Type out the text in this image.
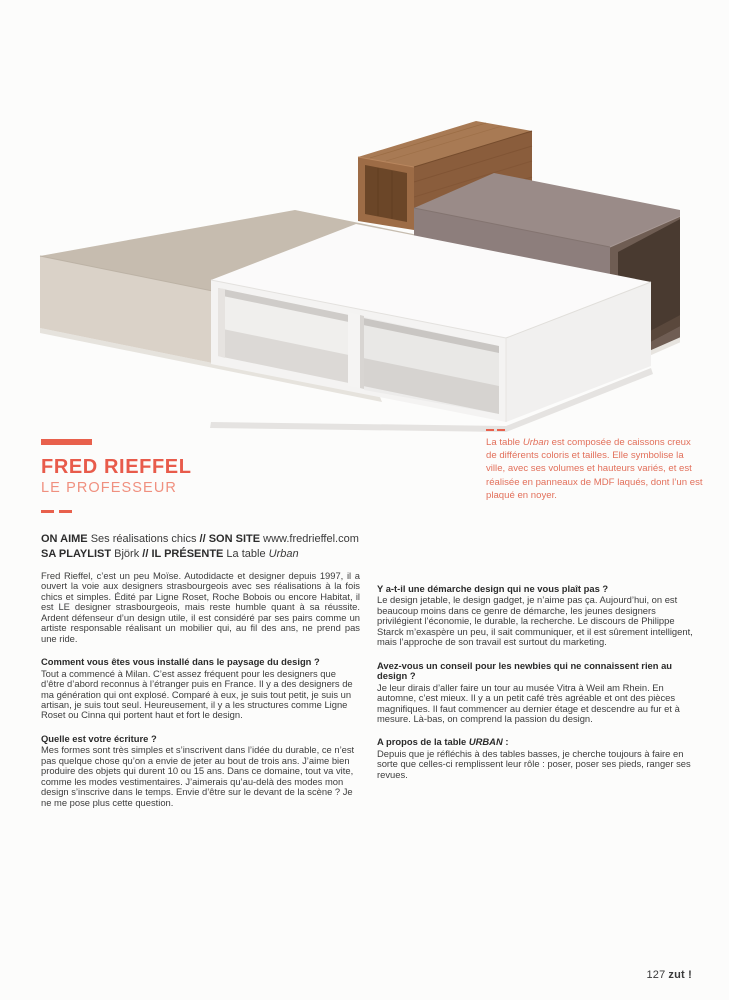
La table Urban est composée de caissons creux de différents coloris et tailles. Elle symbolise la ville, avec ses volumes et hauteurs variés, et est réalisée en panneaux de MDF laqués, dont l’un est plaqué en noyer.

FRED RIEFFEL
LE PROFESSEUR
ON AIME Ses réalisations chics // SON SITE www.fredrieffel.com
SA PLAYLIST Björk // IL PRÉSENTE La table Urban

Fred Rieffel, c’est un peu Moïse. Autodidacte et designer depuis 1997, il a ouvert la voie aux designers strasbourgeois avec ses réalisations à la fois chics et simples. Édité par Ligne Roset, Roche Bobois ou encore Habitat, il est LE designer strasbourgeois, mais reste humble quant à sa réussite. Ardent défenseur d’un design utile, il est considéré par ses pairs comme un artiste responsable réalisant un mobilier qui, au fil des ans, ne prend pas une ride.

Comment vous êtes vous installé dans le paysage du design ?

Tout a commencé à Milan. C’est assez fréquent pour les designers que d’être d’abord reconnus à l’étranger puis en France. Il y a des designers de ma génération qui ont explosé. Comparé à eux, je suis tout petit, je suis un artisan, je suis tout seul. Heureusement, il y a les structures comme Ligne Roset ou Cinna qui portent haut et fort le design.

Quelle est votre écriture ?

Mes formes sont très simples et s’inscrivent dans l’idée du durable, ce n’est pas quelque chose qu’on a envie de jeter au bout de trois ans. J’aime bien produire des objets qui durent 10 ou 15 ans. Dans ce domaine, tout va vite, comme les modes vestimentaires. J’aimerais qu’au-delà des modes mon design s’inscrive dans le temps. Envie d’être sur le devant de la scène ? Je ne me pose plus cette question.

Y a-t-il une démarche design qui ne vous plaît pas ?

Le design jetable, le design gadget, je n’aime pas ça. Aujourd’hui, on est beaucoup moins dans ce genre de démarche, les jeunes designers privilégient l’économie, le durable, la recherche. Le discours de Philippe Starck m’exaspère un peu, il sait communiquer, et il est sûrement intelligent, mais l’approche de son travail est surtout du marketing.

Avez-vous un conseil pour les newbies qui ne connaissent rien au design ?

Je leur dirais d’aller faire un tour au musée Vitra à Weil am Rhein. En automne, c’est mieux. Il y a un petit café très agréable et ont des pièces magnifiques. Il faut commencer au dernier étage et descendre au fur et à mesure. Là-bas, on comprend la passion du design.

A propos de la table URBAN :

Depuis que je réfléchis à des tables basses, je cherche toujours à faire en sorte que celles-ci remplissent leur rôle : poser, poser ses pieds, ranger ses revues.

127 zut !
